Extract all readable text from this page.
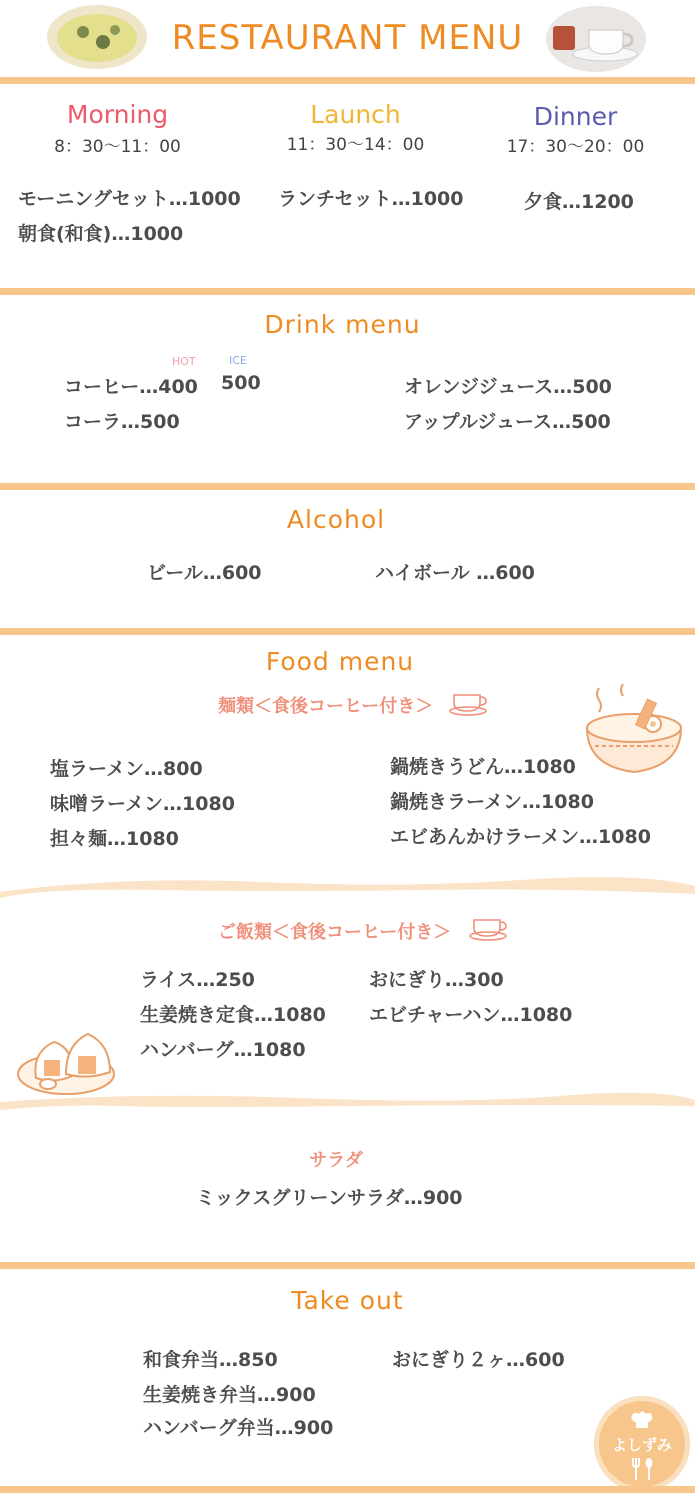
RESTAURANT MENU
Morning
8：30〜11：00
Launch
11：30〜14：00
Dinner
17：30〜20：00
モーニングセット…1000
朝食(和食)…1000
ランチセット…1000	夕食…1200
Drink menu
HOT	ICE
コーヒー…400 500
コーラ…500
オレンジジュース…500
アップルジュース…500
Alcohol
ビール…600	ハイボール …600
Food menu
麺類＜食後コーヒー付き＞
塩ラーメン…800
味噌ラーメン…1080
担々麺…1080
鍋焼きうどん…1080
鍋焼きラーメン…1080
エビあんかけラーメン…1080
ご飯類＜食後コーヒー付き＞
ライス…250
生姜焼き定食…1080
ハンバーグ…1080
おにぎり…300
エビチャーハン…1080
サラダ
ミックスグリーンサラダ…900
Take out
和食弁当…850
生姜焼き弁当…900
ハンバーグ弁当…900
おにぎり２ヶ…600
よしずみ
